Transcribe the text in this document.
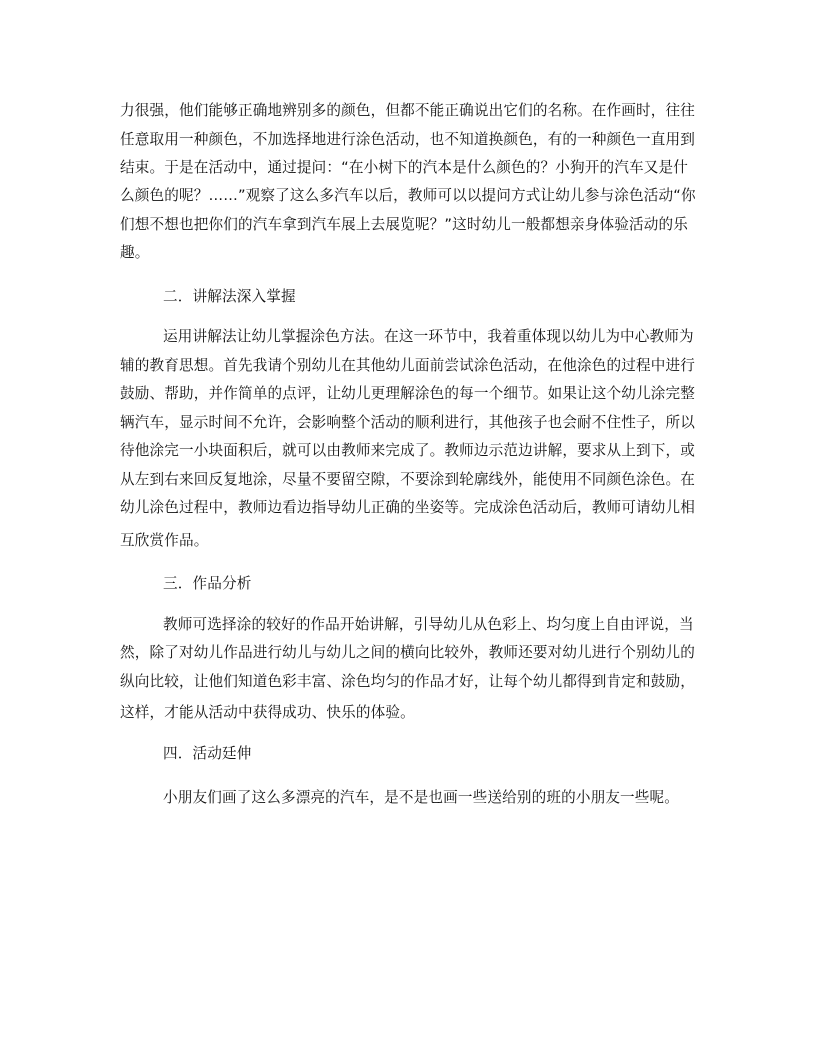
力很强，他们能够正确地辨别多的颜色，但都不能正确说出它们的名称。在作画时，往往
任意取用一种颜色，不加选择地进行涂色活动，也不知道换颜色，有的一种颜色一直用到
结束。于是在活动中，通过提问：“在小树下的汽本是什么颜色的？小狗开的汽车又是什
么颜色的呢？……”观察了这么多汽车以后，教师可以以提问方式让幼儿参与涂色活动“你
们想不想也把你们的汽车拿到汽车展上去展览呢？”这时幼儿一般都想亲身体验活动的乐
趣。
二．讲解法深入掌握
运用讲解法让幼儿掌握涂色方法。在这一环节中，我着重体现以幼儿为中心教师为
辅的教育思想。首先我请个别幼儿在其他幼儿面前尝试涂色活动，在他涂色的过程中进行
鼓励、帮助，并作简单的点评，让幼儿更理解涂色的每一个细节。如果让这个幼儿涂完整
辆汽车，显示时间不允许，会影响整个活动的顺利进行，其他孩子也会耐不住性子，所以
待他涂完一小块面积后，就可以由教师来完成了。教师边示范边讲解，要求从上到下，或
从左到右来回反复地涂，尽量不要留空隙，不要涂到轮廓线外，能使用不同颜色涂色。在
幼儿涂色过程中，教师边看边指导幼儿正确的坐姿等。完成涂色活动后，教师可请幼儿相
互欣赏作品。
三．作品分析
教师可选择涂的较好的作品开始讲解，引导幼儿从色彩上、均匀度上自由评说，当
然，除了对幼儿作品进行幼儿与幼儿之间的横向比较外，教师还要对幼儿进行个别幼儿的
纵向比较，让他们知道色彩丰富、涂色均匀的作品才好，让每个幼儿都得到肯定和鼓励，
这样，才能从活动中获得成功、快乐的体验。
四．活动廷伸
小朋友们画了这么多漂亮的汽车，是不是也画一些送给别的班的小朋友一些呢。
